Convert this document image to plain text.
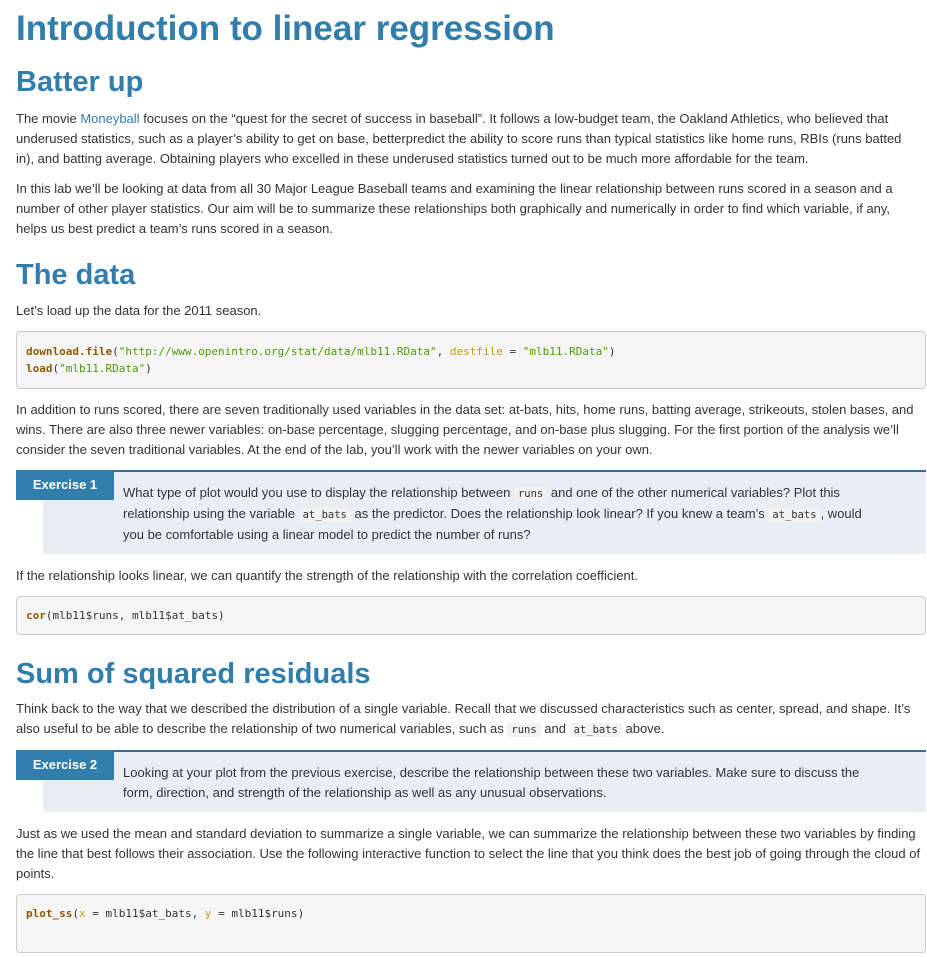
Introduction to linear regression
Batter up

The movie Moneyball focuses on the “quest for the secret of success in baseball”. It follows a low-budget team, the Oakland Athletics, who believed that underused statistics, such as a player’s ability to get on base, betterpredict the ability to score runs than typical statistics like home runs, RBIs (runs batted in), and batting average. Obtaining players who excelled in these underused statistics turned out to be much more affordable for the team.

In this lab we’ll be looking at data from all 30 Major League Baseball teams and examining the linear relationship between runs scored in a season and a number of other player statistics. Our aim will be to summarize these relationships both graphically and numerically in order to find which variable, if any, helps us best predict a team’s runs scored in a season.

The data

Let’s load up the data for the 2011 season.

download.file("http://www.openintro.org/stat/data/mlb11.RData", destfile = "mlb11.RData")
load("mlb11.RData")

In addition to runs scored, there are seven traditionally used variables in the data set: at-bats, hits, home runs, batting average, strikeouts, stolen bases, and wins. There are also three newer variables: on-base percentage, slugging percentage, and on-base plus slugging. For the first portion of the analysis we’ll consider the seven traditional variables. At the end of the lab, you’ll work with the newer variables on your own.

What type of plot would you use to display the relationship between runs and one of the other numerical variables? Plot this relationship using the variable at_bats as the predictor. Does the relationship look linear? If you knew a team’s at_bats , would you be comfortable using a linear model to predict the number of runs?

Exercise 1

If the relationship looks linear, we can quantify the strength of the relationship with the correlation coefficient.

cor(mlb11$runs, mlb11$at_bats)
Sum of squared residuals

Think back to the way that we described the distribution of a single variable. Recall that we discussed characteristics such as center, spread, and shape. It’s also useful to be able to describe the relationship of two numerical variables, such as runs and at_bats above.

Looking at your plot from the previous exercise, describe the relationship between these two variables. Make sure to discuss the form, direction, and strength of the relationship as well as any unusual observations.

Exercise 2

Just as we used the mean and standard deviation to summarize a single variable, we can summarize the relationship between these two variables by finding the line that best follows their association. Use the following interactive function to select the line that you think does the best job of going through the cloud of points.

plot_ss(x = mlb11$at_bats, y = mlb11$runs)
